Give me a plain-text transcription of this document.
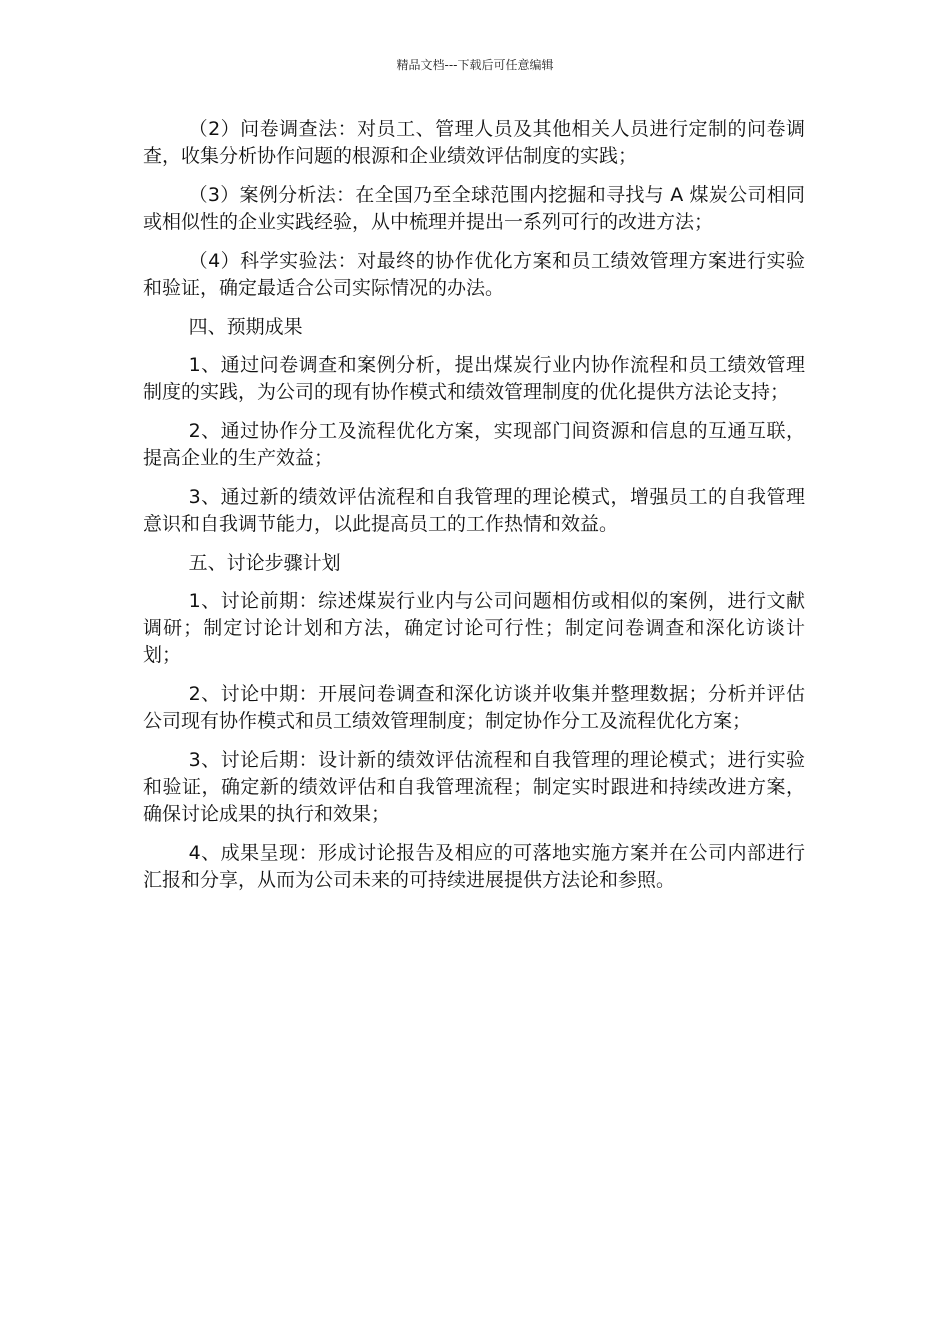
精品文档---下载后可任意编辑

（2）问卷调查法：对员工、管理人员及其他相关人员进行定制的问卷调查，收集分析协作问题的根源和企业绩效评估制度的实践；

（3）案例分析法：在全国乃至全球范围内挖掘和寻找与 A 煤炭公司相同或相似性的企业实践经验，从中梳理并提出一系列可行的改进方法；

（4）科学实验法：对最终的协作优化方案和员工绩效管理方案进行实验和验证，确定最适合公司实际情况的办法。

四、预期成果

1、通过问卷调查和案例分析，提出煤炭行业内协作流程和员工绩效管理制度的实践，为公司的现有协作模式和绩效管理制度的优化提供方法论支持；

2、通过协作分工及流程优化方案，实现部门间资源和信息的互通互联，提高企业的生产效益；

3、通过新的绩效评估流程和自我管理的理论模式，增强员工的自我管理意识和自我调节能力，以此提高员工的工作热情和效益。

五、讨论步骤计划

1、讨论前期：综述煤炭行业内与公司问题相仿或相似的案例，进行文献调研；制定讨论计划和方法，确定讨论可行性；制定问卷调查和深化访谈计划；

2、讨论中期：开展问卷调查和深化访谈并收集并整理数据；分析并评估公司现有协作模式和员工绩效管理制度；制定协作分工及流程优化方案；

3、讨论后期：设计新的绩效评估流程和自我管理的理论模式；进行实验和验证，确定新的绩效评估和自我管理流程；制定实时跟进和持续改进方案，确保讨论成果的执行和效果；

4、成果呈现：形成讨论报告及相应的可落地实施方案并在公司内部进行汇报和分享，从而为公司未来的可持续进展提供方法论和参照。
